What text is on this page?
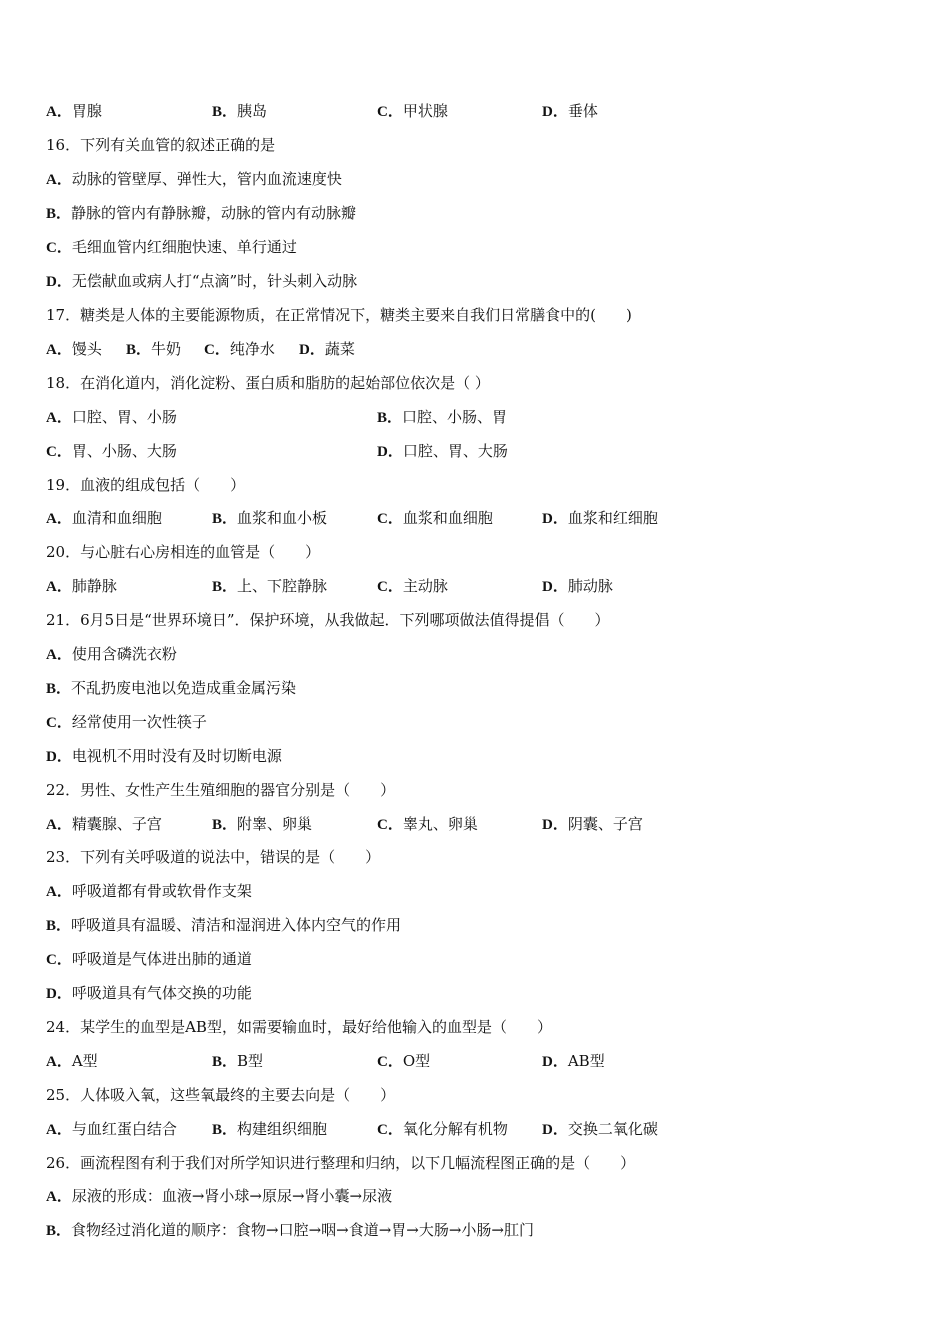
A．胃腺	B．胰岛	C．甲状腺	D．垂体
16．下列有关血管的叙述正确的是
A．动脉的管壁厚、弹性大，管内血流速度快
B．静脉的管内有静脉瓣，动脉的管内有动脉瓣
C．毛细血管内红细胞快速、单行通过
D．无偿献血或病人打“点滴”时，针头刺入动脉
17．糖类是人体的主要能源物质，在正常情况下，糖类主要来自我们日常膳食中的(　　)
A．馒头 B．牛奶 C．纯净水 D．蔬菜
18．在消化道内，消化淀粉、蛋白质和脂肪的起始部位依次是（ ）
A．口腔、胃、小肠	B．口腔、小肠、胃
C．胃、小肠、大肠	D．口腔、胃、大肠
19．血液的组成包括（　　）
A．血清和血细胞	B．血浆和血小板	C．血浆和血细胞	D．血浆和红细胞
20．与心脏右心房相连的血管是（　　）
A．肺静脉	B．上、下腔静脉	C．主动脉	D．肺动脉
21．6月5日是“世界环境日”．保护环境，从我做起．下列哪项做法值得提倡（　　）
A．使用含磷洗衣粉
B．不乱扔废电池以免造成重金属污染
C．经常使用一次性筷子
D．电视机不用时没有及时切断电源
22．男性、女性产生生殖细胞的器官分别是（　　）
A．精囊腺、子宫	B．附睾、卵巢	C．睾丸、卵巢	D．阴囊、子宫
23．下列有关呼吸道的说法中，错误的是（　　）
A．呼吸道都有骨或软骨作支架
B．呼吸道具有温暖、清洁和湿润进入体内空气的作用
C．呼吸道是气体进出肺的通道
D．呼吸道具有气体交换的功能
24．某学生的血型是AB型，如需要输血时，最好给他输入的血型是（　　）
A．A型	B．B型	C．O型	D．AB型
25．人体吸入氧，这些氧最终的主要去向是（　　）
A．与血红蛋白结合 B．构建组织细胞	C．氧化分解有机物 D．交换二氧化碳
26．画流程图有利于我们对所学知识进行整理和归纳，以下几幅流程图正确的是（　　）
A．尿液的形成：血液→肾小球→原尿→肾小囊→尿液
B．食物经过消化道的顺序：食物→口腔→咽→食道→胃→大肠→小肠→肛门
